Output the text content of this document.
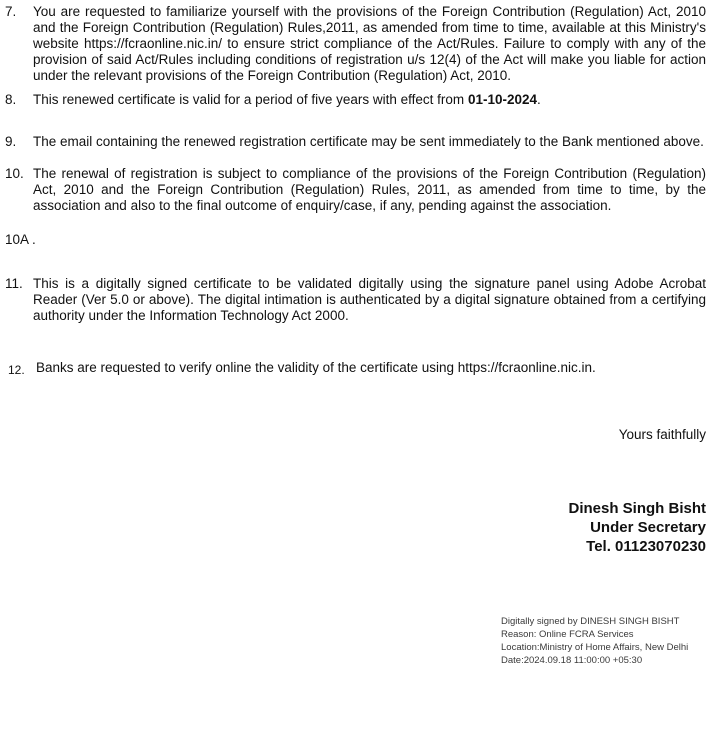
7.	You are requested to familiarize yourself with the provisions of the Foreign Contribution (Regulation) Act, 2010 and the Foreign Contribution (Regulation) Rules,2011, as amended from time to time, available at this Ministry's website https://fcraonline.nic.in/ to ensure strict compliance of the Act/Rules. Failure to comply with any of the provision of said Act/Rules including conditions of registration u/s 12(4) of the Act will make you liable for action under the relevant provisions of the Foreign Contribution (Regulation) Act, 2010.
8.	This renewed certificate is valid for a period of five years with effect from 01-10-2024.
9.	The email containing the renewed registration certificate may be sent immediately to the Bank mentioned above.
10. The renewal of registration is subject to compliance of the provisions of the Foreign Contribution (Regulation) Act, 2010 and the Foreign Contribution (Regulation) Rules, 2011, as amended from time to time, by the association and also to the final outcome of enquiry/case, if any, pending against the association.
10A .
11. This is a digitally signed certificate to be validated digitally using the signature panel using Adobe Acrobat Reader (Ver 5.0 or above). The digital intimation is authenticated by a digital signature obtained from a certifying authority under the Information Technology Act 2000.
12. Banks are requested to verify online the validity of the certificate using https://fcraonline.nic.in.
Yours faithfully
Dinesh Singh Bisht
Under Secretary
Tel. 01123070230
Digitally signed by DINESH SINGH BISHT
Reason: Online FCRA Services
Location:Ministry of Home Affairs, New Delhi
Date:2024.09.18 11:00:00 +05:30
